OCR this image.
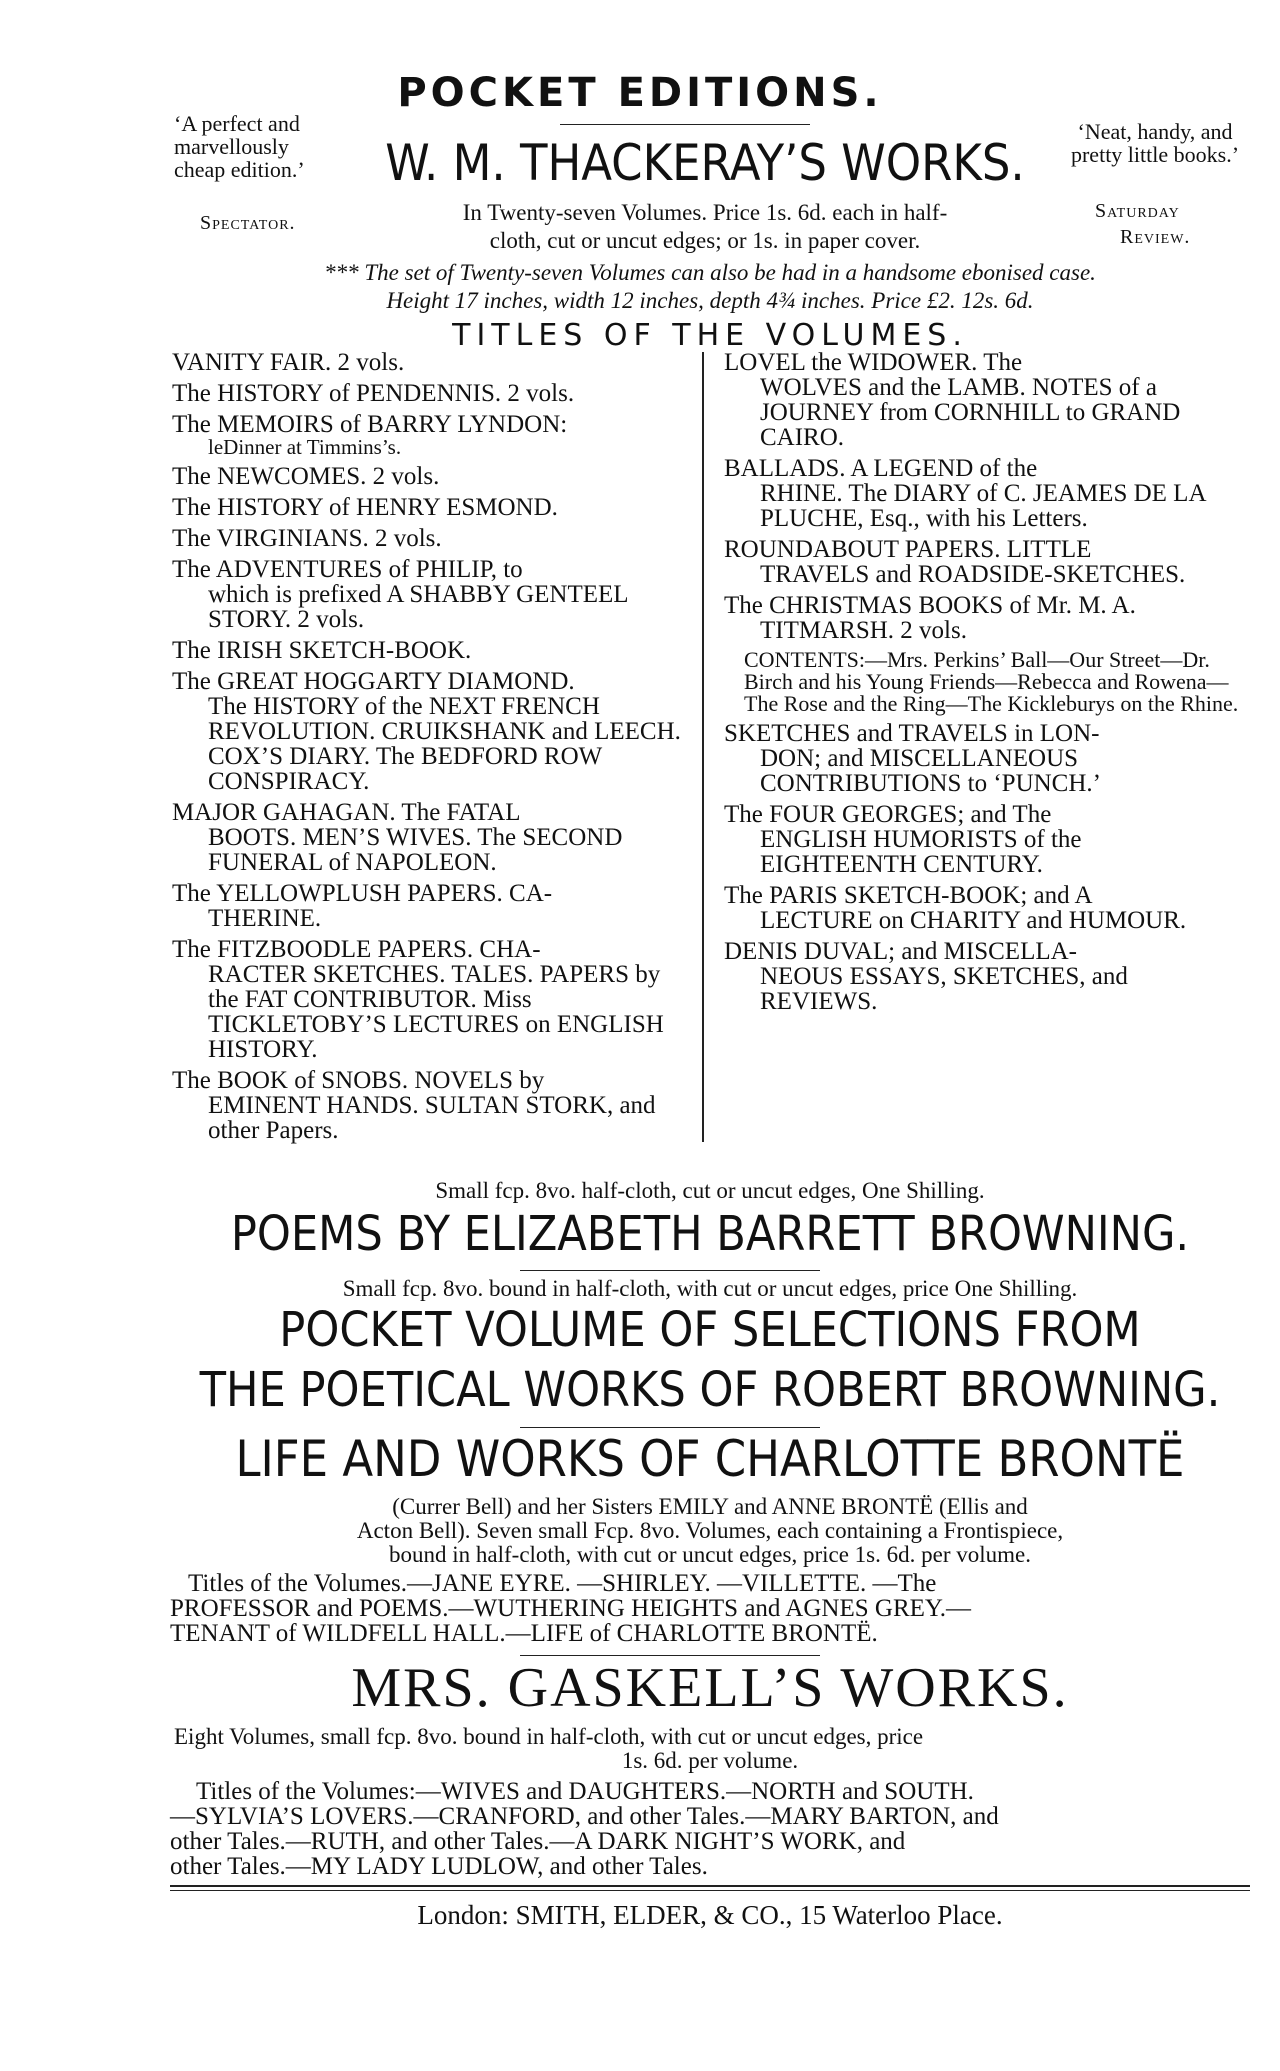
POCKET EDITIONS.
‘A perfect and marvellously cheap edition.’
Spectator.
‘Neat, handy, and pretty little books.’
Saturday
Review.
W. M. THACKERAY’S WORKS.
In Twenty-seven Volumes. Price 1s. 6d. each in half-
cloth, cut or uncut edges; or 1s. in paper cover.
*** The set of Twenty-seven Volumes can also be had in a handsome ebonised case.
Height 17 inches, width 12 inches, depth 4¾ inches. Price £2. 12s. 6d.
TITLES OF THE VOLUMES.
VANITY FAIR. 2 vols.
The HISTORY of PENDENNIS. 2 vols.
The MEMOIRS of BARRY LYNDON:
leDinner at Timmins’s.
The NEWCOMES. 2 vols.
The HISTORY of HENRY ESMOND.
The VIRGINIANS. 2 vols.
The ADVENTURES of PHILIP, to
which is prefixed A SHABBY GENTEEL STORY. 2 vols.
The IRISH SKETCH-BOOK.
The GREAT HOGGARTY DIAMOND.
The HISTORY of the NEXT FRENCH REVOLUTION. CRUIKSHANK and LEECH. COX’S DIARY. The BEDFORD ROW CONSPIRACY.
MAJOR GAHAGAN. The FATAL
BOOTS. MEN’S WIVES. The SECOND FUNERAL of NAPOLEON.
The YELLOWPLUSH PAPERS. CA-
THERINE.
The FITZBOODLE PAPERS. CHA-
RACTER SKETCHES. TALES. PAPERS by the FAT CONTRIBUTOR. Miss TICKLETOBY’S LECTURES on ENGLISH HISTORY.
The BOOK of SNOBS. NOVELS by
EMINENT HANDS. SULTAN STORK, and other Papers.
LOVEL the WIDOWER. The
WOLVES and the LAMB. NOTES of a JOURNEY from CORNHILL to GRAND CAIRO.
BALLADS. A LEGEND of the
RHINE. The DIARY of C. JEAMES DE LA PLUCHE, Esq., with his Letters.
ROUNDABOUT PAPERS. LITTLE
TRAVELS and ROADSIDE-SKETCHES.
The CHRISTMAS BOOKS of Mr. M. A.
TITMARSH. 2 vols.
CONTENTS:—Mrs. Perkins’ Ball—Our Street—Dr. Birch and his Young Friends—Rebecca and Rowena—The Rose and the Ring—The Kickleburys on the Rhine.
SKETCHES and TRAVELS in LON-
DON; and MISCELLANEOUS CONTRIBUTIONS to ‘PUNCH.’
The FOUR GEORGES; and The
ENGLISH HUMORISTS of the EIGHTEENTH CENTURY.
The PARIS SKETCH-BOOK; and A
LECTURE on CHARITY and HUMOUR.
DENIS DUVAL; and MISCELLA-
NEOUS ESSAYS, SKETCHES, and REVIEWS.
Small fcp. 8vo. half-cloth, cut or uncut edges, One Shilling.
POEMS BY ELIZABETH BARRETT BROWNING.
Small fcp. 8vo. bound in half-cloth, with cut or uncut edges, price One Shilling.
POCKET VOLUME OF SELECTIONS FROM
THE POETICAL WORKS OF ROBERT BROWNING.
LIFE AND WORKS OF CHARLOTTE BRONTË
(Currer Bell) and her Sisters EMILY and ANNE BRONTË (Ellis and
Acton Bell). Seven small Fcp. 8vo. Volumes, each containing a Frontispiece,
bound in half-cloth, with cut or uncut edges, price 1s. 6d. per volume.
Titles of the Volumes.—JANE EYRE. —SHIRLEY. —VILLETTE. —The
PROFESSOR and POEMS.—WUTHERING HEIGHTS and AGNES GREY.—
TENANT of WILDFELL HALL.—LIFE of CHARLOTTE BRONTË.
MRS. GASKELL’S WORKS.
Eight Volumes, small fcp. 8vo. bound in half-cloth, with cut or uncut edges, price
1s. 6d. per volume.
Titles of the Volumes:—WIVES and DAUGHTERS.—NORTH and SOUTH.
—SYLVIA’S LOVERS.—CRANFORD, and other Tales.—MARY BARTON, and
other Tales.—RUTH, and other Tales.—A DARK NIGHT’S WORK, and
other Tales.—MY LADY LUDLOW, and other Tales.
London: SMITH, ELDER, & CO., 15 Waterloo Place.
